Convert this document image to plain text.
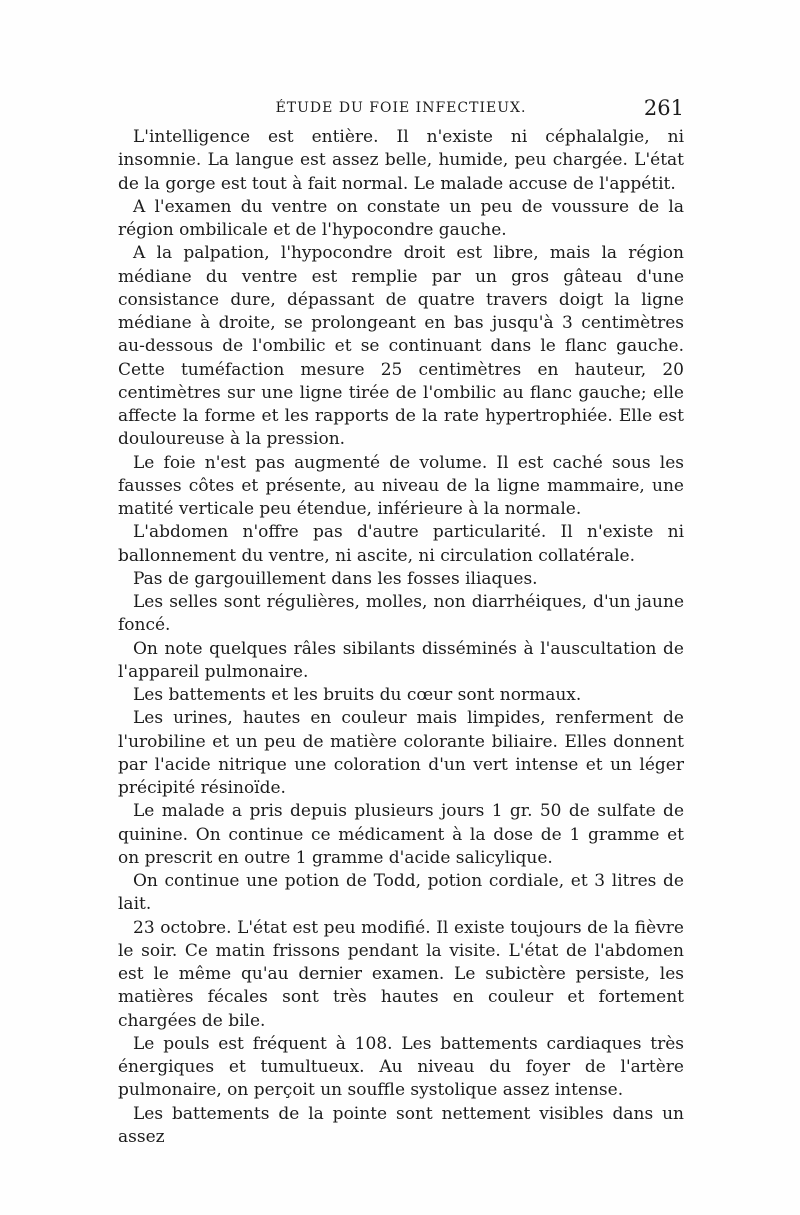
ÉTUDE DU FOIE INFECTIEUX.	261

L'intelligence est entière. Il n'existe ni céphalalgie, ni insomnie. La langue est assez belle, humide, peu chargée. L'état de la gorge est tout à fait normal. Le malade accuse de l'appétit.

A l'examen du ventre on constate un peu de voussure de la région ombilicale et de l'hypocondre gauche.

A la palpation, l'hypocondre droit est libre, mais la région médiane du ventre est remplie par un gros gâteau d'une consistance dure, dépassant de quatre travers doigt la ligne médiane à droite, se prolongeant en bas jusqu'à 3 centimètres au-dessous de l'ombilic et se continuant dans le flanc gauche. Cette tuméfaction mesure 25 centimètres en hauteur, 20 centimètres sur une ligne tirée de l'ombilic au flanc gauche; elle affecte la forme et les rapports de la rate hypertrophiée. Elle est douloureuse à la pression.

Le foie n'est pas augmenté de volume. Il est caché sous les fausses côtes et présente, au niveau de la ligne mammaire, une matité verticale peu étendue, inférieure à la normale.

L'abdomen n'offre pas d'autre particularité. Il n'existe ni ballonnement du ventre, ni ascite, ni circulation collatérale.

Pas de gargouillement dans les fosses iliaques.

Les selles sont régulières, molles, non diarrhéiques, d'un jaune foncé.

On note quelques râles sibilants disséminés à l'auscultation de l'appareil pulmonaire.

Les battements et les bruits du cœur sont normaux.

Les urines, hautes en couleur mais limpides, renferment de l'urobiline et un peu de matière colorante biliaire. Elles donnent par l'acide nitrique une coloration d'un vert intense et un léger précipité résinoïde.

Le malade a pris depuis plusieurs jours 1 gr. 50 de sulfate de quinine. On continue ce médicament à la dose de 1 gramme et on prescrit en outre 1 gramme d'acide salicylique.

On continue une potion de Todd, potion cordiale, et 3 litres de lait.

23 octobre. L'état est peu modifié. Il existe toujours de la fièvre le soir. Ce matin frissons pendant la visite. L'état de l'abdomen est le même qu'au dernier examen. Le subictère persiste, les matières fécales sont très hautes en couleur et fortement chargées de bile.

Le pouls est fréquent à 108. Les battements cardiaques très énergiques et tumultueux. Au niveau du foyer de l'artère pulmonaire, on perçoit un souffle systolique assez intense.

Les battements de la pointe sont nettement visibles dans un assez
